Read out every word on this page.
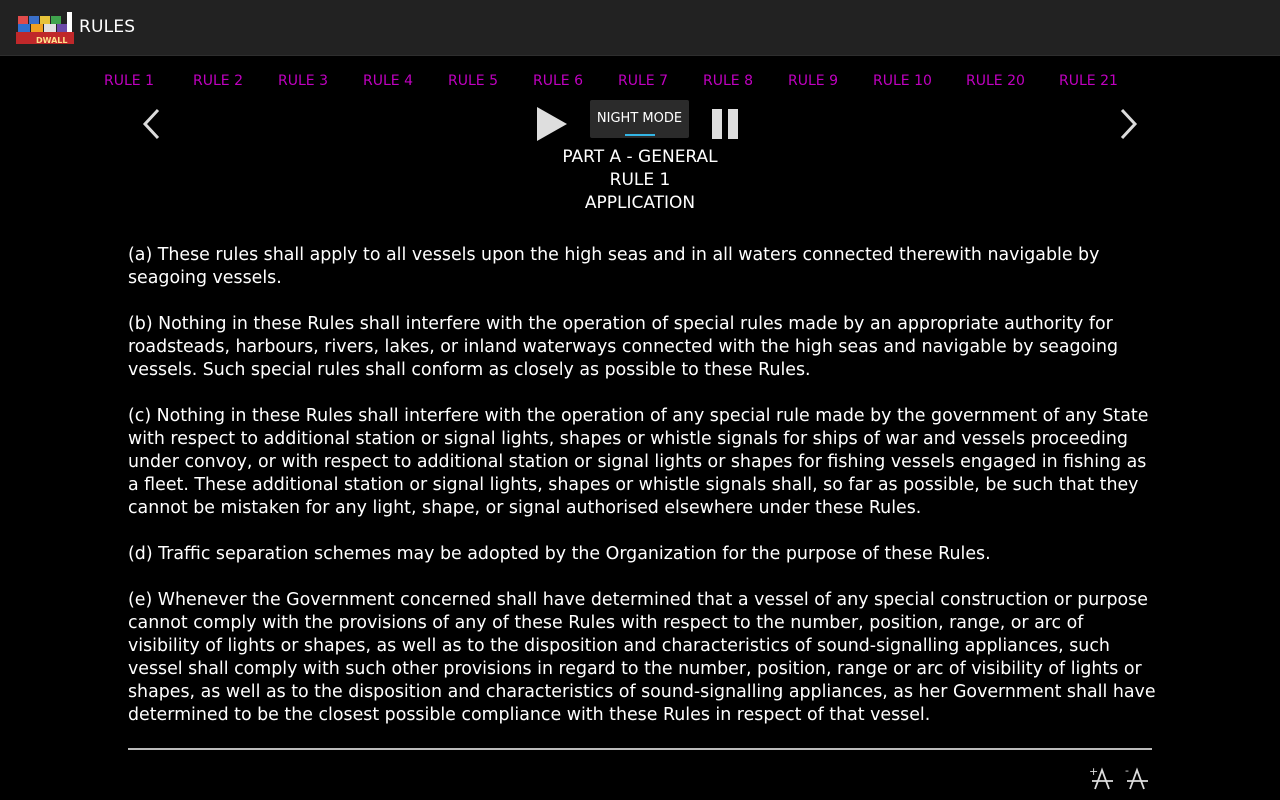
DWALL
RULES
RULE 1	RULE 2	RULE 3	RULE 4	RULE 5	RULE 6	RULE 7	RULE 8	RULE 9	RULE 10 RULE 20 RULE 21
NIGHT MODE
PART A - GENERAL
RULE 1
APPLICATION

(a) These rules shall apply to all vessels upon the high seas and in all waters connected therewith navigable by seagoing vessels.

(b) Nothing in these Rules shall interfere with the operation of special rules made by an appropriate authority for roadsteads, harbours, rivers, lakes, or inland waterways connected with the high seas and navigable by seagoing vessels. Such special rules shall conform as closely as possible to these Rules.

(c) Nothing in these Rules shall interfere with the operation of any special rule made by the government of any State with respect to additional station or signal lights, shapes or whistle signals for ships of war and vessels proceeding under convoy, or with respect to additional station or signal lights or shapes for fishing vessels engaged in fishing as a fleet. These additional station or signal lights, shapes or whistle signals shall, so far as possible, be such that they cannot be mistaken for any light, shape, or signal authorised elsewhere under these Rules.

(d) Traffic separation schemes may be adopted by the Organization for the purpose of these Rules.

(e) Whenever the Government concerned shall have determined that a vessel of any special construction or purpose cannot comply with the provisions of any of these Rules with respect to the number, position, range, or arc of visibility of lights or shapes, as well as to the disposition and characteristics of sound-signalling appliances, such vessel shall comply with such other provisions in regard to the number, position, range or arc of visibility of lights or shapes, as well as to the disposition and characteristics of sound-signalling appliances, as her Government shall have determined to be the closest possible compliance with these Rules in respect of that vessel.

+ -
